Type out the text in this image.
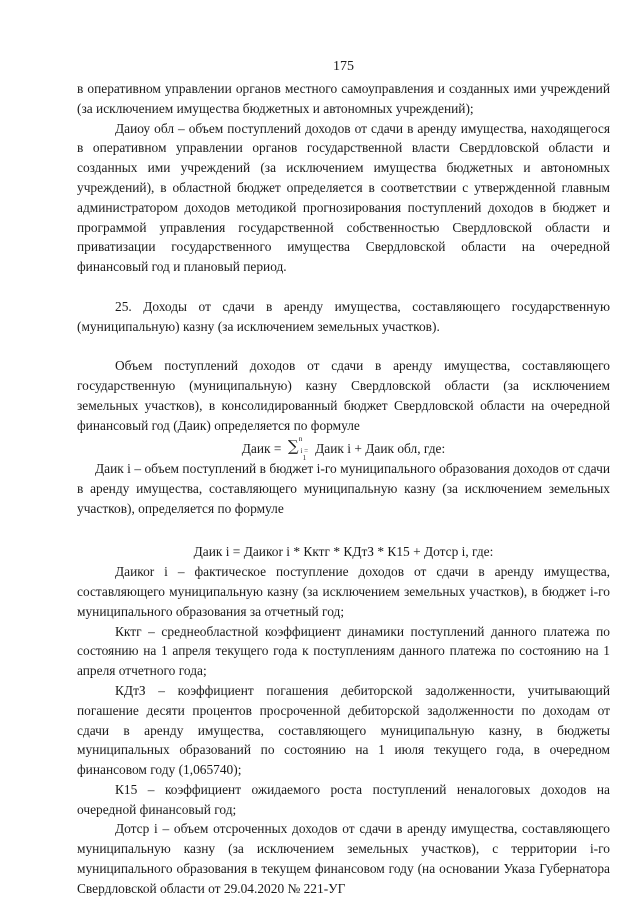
175

в оперативном управлении органов местного самоуправления и созданных ими учреждений (за исключением имущества бюджетных и автономных учреждений);

Даиоу обл – объем поступлений доходов от сдачи в аренду имущества, находящегося в оперативном управлении органов государственной власти Свердловской области и созданных ими учреждений (за исключением имущества бюджетных и автономных учреждений), в областной бюджет определяется в соответствии с утвержденной главным администратором доходов методикой прогнозирования поступлений доходов в бюджет и программой управления государственной собственностью Свердловской области и приватизации государственного имущества Свердловской области на очередной финансовый год и плановый период.

25. Доходы от сдачи в аренду имущества, составляющего государственную (муниципальную) казну (за исключением земельных участков).

Объем поступлений доходов от сдачи в аренду имущества, составляющего государственную (муниципальную) казну Свердловской области (за исключением земельных участков), в консолидированный бюджет Свердловской области на очередной финансовый год (Даик) определяется по формуле

Даик = ∑ n
i = 1
Даик i + Даик обл, где:

Даик i – объем поступлений в бюджет i-го муниципального образования доходов от сдачи в аренду имущества, составляющего муниципальную казну (за исключением земельных участков), определяется по формуле

Даик i = Даикоr i * Кктг * КДтЗ * К15 + Дотср i, где:

Даикоr i – фактическое поступление доходов от сдачи в аренду имущества, составляющего муниципальную казну (за исключением земельных участков), в бюджет i-го муниципального образования за отчетный год;

Кктг – среднеобластной коэффициент динамики поступлений данного платежа по состоянию на 1 апреля текущего года к поступлениям данного платежа по состоянию на 1 апреля отчетного года;

КДтЗ – коэффициент погашения дебиторской задолженности, учитывающий погашение десяти процентов просроченной дебиторской задолженности по доходам от сдачи в аренду имущества, составляющего муниципальную казну, в бюджеты муниципальных образований по состоянию на 1 июля текущего года, в очередном финансовом году (1,065740);

К15 – коэффициент ожидаемого роста поступлений неналоговых доходов на очередной финансовый год;

Дотср i – объем отсроченных доходов от сдачи в аренду имущества, составляющего муниципальную казну (за исключением земельных участков), с территории i-го муниципального образования в текущем финансовом году (на основании Указа Губернатора Свердловской области от 29.04.2020 № 221-УГ
